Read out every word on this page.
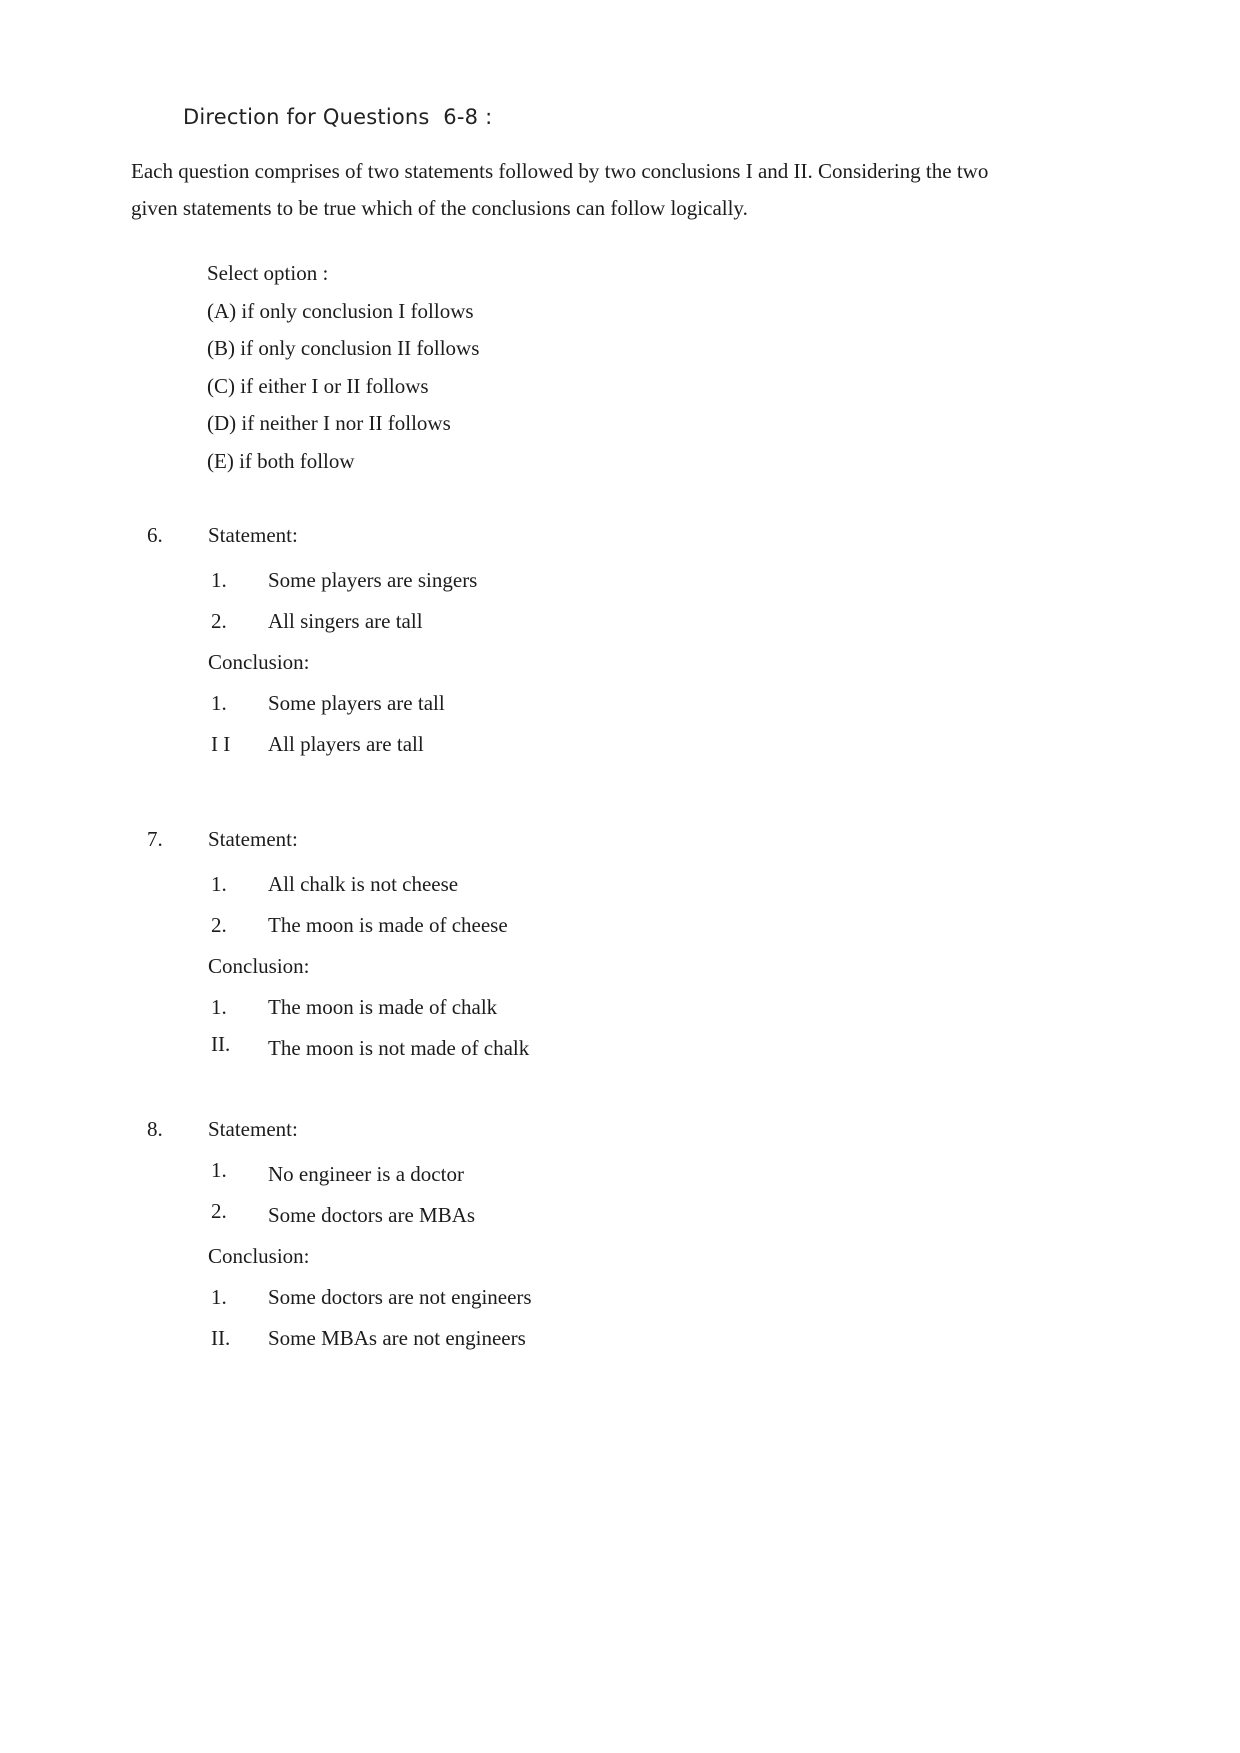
Direction for Questions  6-8 :
Each question comprises of two statements followed by two conclusions I and II. Considering the two
given statements to be true which of the conclusions can follow logically.
Select option :
(A) if only conclusion I follows
(B) if only conclusion II follows
(C) if either I or II follows
(D) if neither I nor II follows
(E) if both follow
6. Statement:
1. Some players are singers
2. All singers are tall
Conclusion:
1. Some players are tall
I I All players are tall
7. Statement:
1. All chalk is not cheese
2. The moon is made of cheese
Conclusion:
1. The moon is made of chalk
II. The moon is not made of chalk
8. Statement:
1. No engineer is a doctor
2. Some doctors are MBAs
Conclusion:
1. Some doctors are not engineers
II. Some MBAs are not engineers
